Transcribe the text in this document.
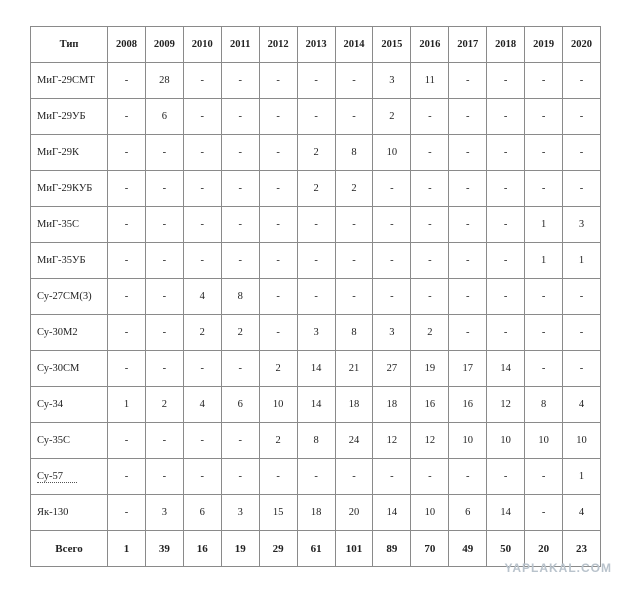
Тип	2008	2009	2010	2011	2012	2013	2014	2015	2016	2017	2018	2019	2020
МиГ-29СМТ	-	28	-	-	-	-	-	3	11	-	-	-	-
МиГ-29УБ	-	6	-	-	-	-	-	2	-	-	-	-	-
МиГ-29К	-	-	-	-	-	2	8	10	-	-	-	-	-
МиГ-29КУБ	-	-	-	-	-	2	2	-	-	-	-	-	-
МиГ-35С	-	-	-	-	-	-	-	-	-	-	-	1	3
МиГ-35УБ	-	-	-	-	-	-	-	-	-	-	-	1	1
Су-27СМ(3)	-	-	4	8	-	-	-	-	-	-	-	-	-
Су-30М2	-	-	2	2	-	3	8	3	2	-	-	-	-
Су-30СМ	-	-	-	-	2	14	21	27	19	17	14	-	-
Су-34	1	2	4	6	10	14	18	18	16	16	12	8	4
Су-35С	-	-	-	-	2	8	24	12	12	10	10	10	10
Су-57	-	-	-	-	-	-	-	-	-	-	-	-	1
Як-130	-	3	6	3	15	18	20	14	10	6	14	-	4
Всего	1	39	16	19	29	61	101	89	70	49	50	20	23
YAPLAKAL.COM
